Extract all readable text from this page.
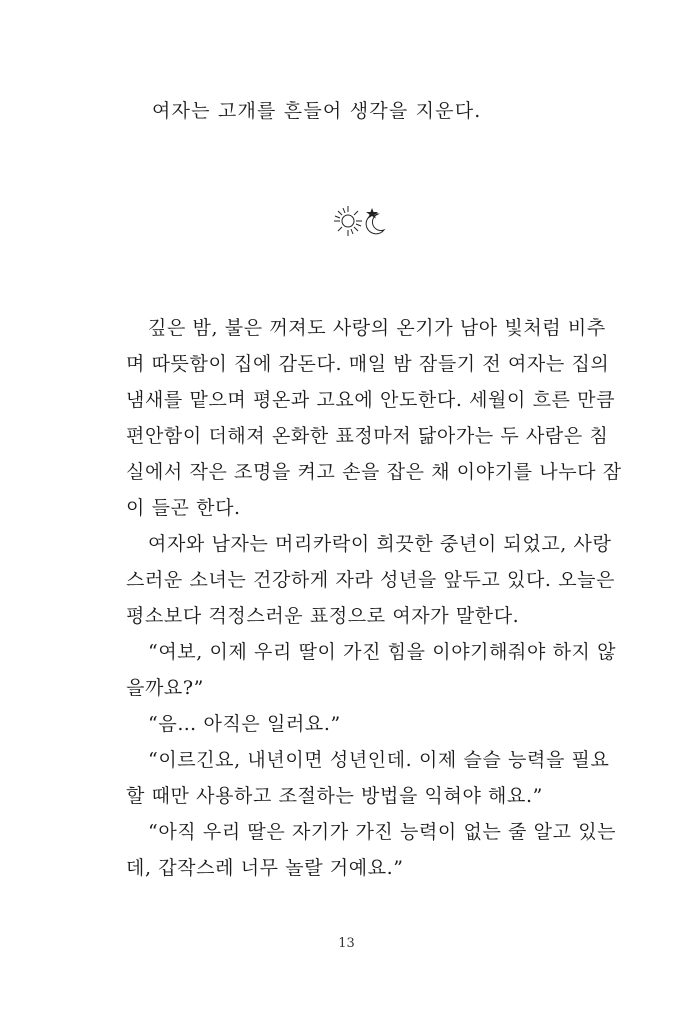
여자는 고개를 흔들어 생각을 지운다.

깊은 밤, 불은 꺼져도 사랑의 온기가 남아 빛처럼 비추
며 따뜻함이 집에 감돈다. 매일 밤 잠들기 전 여자는 집의
냄새를 맡으며 평온과 고요에 안도한다. 세월이 흐른 만큼
편안함이 더해져 온화한 표정마저 닮아가는 두 사람은 침
실에서 작은 조명을 켜고 손을 잡은 채 이야기를 나누다 잠
이 들곤 한다.
여자와 남자는 머리카락이 희끗한 중년이 되었고, 사랑
스러운 소녀는 건강하게 자라 성년을 앞두고 있다. 오늘은
평소보다 걱정스러운 표정으로 여자가 말한다.
“여보, 이제 우리 딸이 가진 힘을 이야기해줘야 하지 않
을까요?”
“음… 아직은 일러요.”
“이르긴요, 내년이면 성년인데. 이제 슬슬 능력을 필요
할 때만 사용하고 조절하는 방법을 익혀야 해요.”
“아직 우리 딸은 자기가 가진 능력이 없는 줄 알고 있는
데, 갑작스레 너무 놀랄 거예요.”
13
